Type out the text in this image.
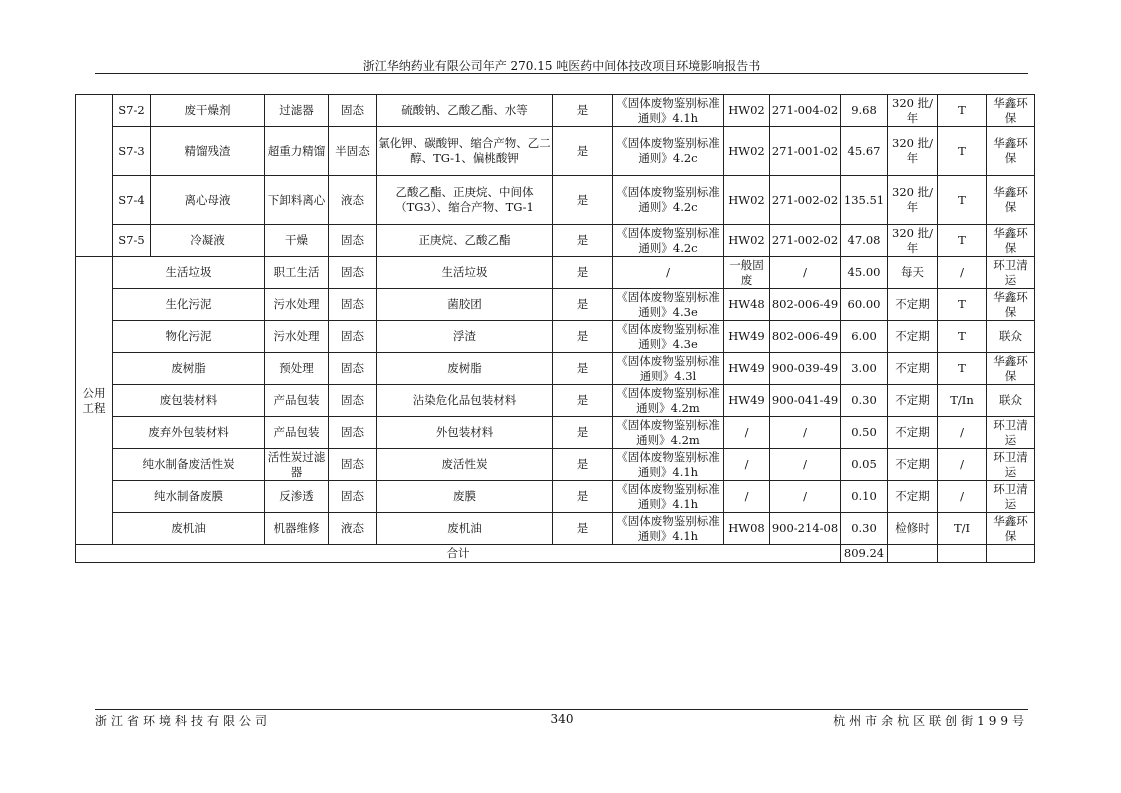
浙江华纳药业有限公司年产 270.15 吨医药中间体技改项目环境影响报告书
	S7-2	废干燥剂	过滤器	固态	硫酸钠、乙酸乙酯、水等	是	《固体废物鉴别标准通则》4.1h	HW02	271-004-02	9.68	320 批/年	T	华鑫环保
	S7-3	精馏残渣	超重力精馏	半固态	氯化钾、碳酸钾、缩合产物、乙二醇、TG-1、偏桃酸钾	是	《固体废物鉴别标准通则》4.2c	HW02	271-001-02	45.67	320 批/年	T	华鑫环保
	S7-4	离心母液	下卸料离心	液态	乙酸乙酯、正庚烷、中间体（TG3）、缩合产物、TG-1	是	《固体废物鉴别标准通则》4.2c	HW02	271-002-02	135.51	320 批/年	T	华鑫环保
	S7-5	冷凝液	干燥	固态	正庚烷、乙酸乙酯	是	《固体废物鉴别标准通则》4.2c	HW02	271-002-02	47.08	320 批/年	T	华鑫环保
公用工程	生活垃圾		职工生活	固态	生活垃圾	是	/	一般固废	/	45.00	每天	/	环卫清运
	生化污泥		污水处理	固态	菌胶团	是	《固体废物鉴别标准通则》4.3e	HW48	802-006-49	60.00	不定期	T	华鑫环保
	物化污泥		污水处理	固态	浮渣	是	《固体废物鉴别标准通则》4.3e	HW49	802-006-49	6.00	不定期	T	联众
	废树脂		预处理	固态	废树脂	是	《固体废物鉴别标准通则》4.3l	HW49	900-039-49	3.00	不定期	T	华鑫环保
	废包装材料		产品包装	固态	沾染危化品包装材料	是	《固体废物鉴别标准通则》4.2m	HW49	900-041-49	0.30	不定期	T/In	联众
	废弃外包装材料		产品包装	固态	外包装材料	是	《固体废物鉴别标准通则》4.2m	/	/	0.50	不定期	/	环卫清运
	纯水制备废活性炭		活性炭过滤器	固态	废活性炭	是	《固体废物鉴别标准通则》4.1h	/	/	0.05	不定期	/	环卫清运
	纯水制备废膜		反渗透	固态	废膜	是	《固体废物鉴别标准通则》4.1h	/	/	0.10	不定期	/	环卫清运
	废机油		机器维修	液态	废机油	是	《固体废物鉴别标准通则》4.1h	HW08	900-214-08	0.30	检修时	T/I	华鑫环保
合计										809.24			
浙江省环境科技有限公司	340	杭州市余杭区联创街199号
